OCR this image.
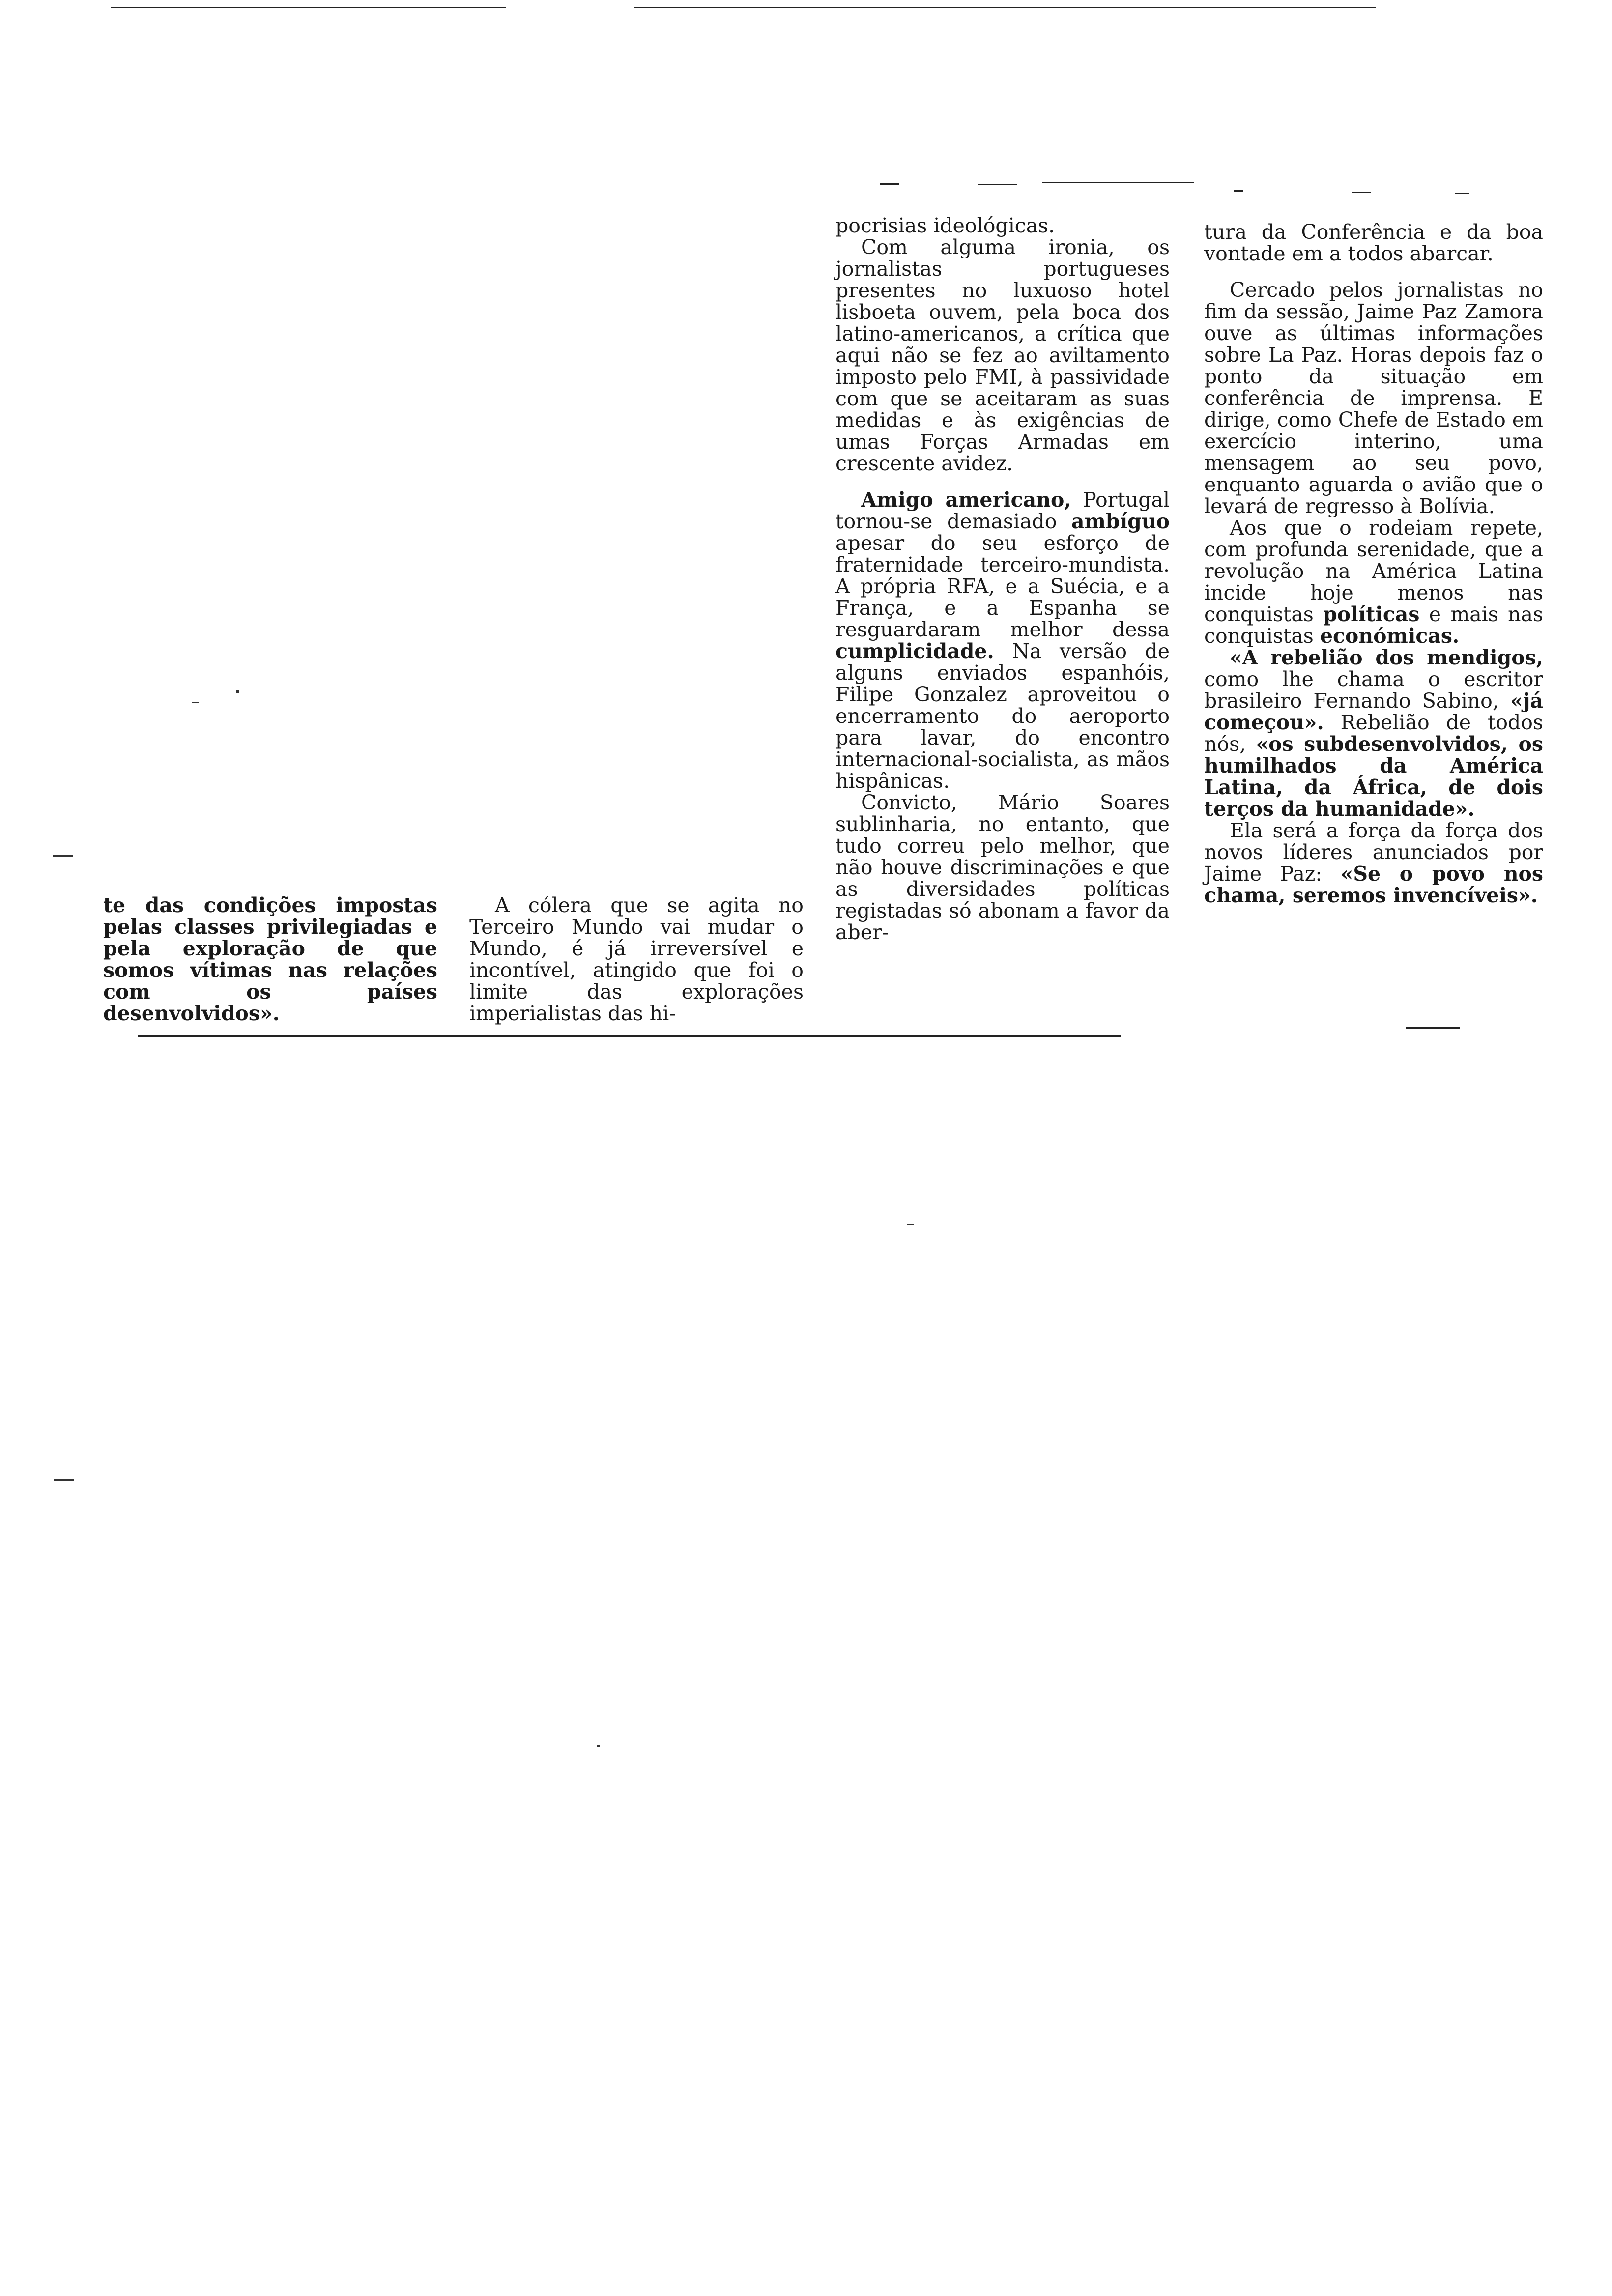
pocrisias ideológicas.

Com alguma ironia, os jornalistas portugueses presentes no luxuoso hotel lisboeta ouvem, pela boca dos latino-americanos, a crítica que aqui não se fez ao aviltamento imposto pelo FMI, à passividade com que se aceitaram as suas medidas e às exigências de umas Forças Armadas em crescente avidez.

Amigo americano, Portugal tornou-se demasiado ambíguo apesar do seu esforço de fraternidade terceiro-mundista. A própria RFA, e a Suécia, e a França, e a Espanha se resguardaram melhor dessa cumplicidade. Na versão de alguns enviados espanhóis, Filipe Gonzalez aproveitou o encerramento do aeroporto para lavar, do encontro internacional-socialista, as mãos hispânicas.

Convicto, Mário Soares sublinharia, no entanto, que tudo correu pelo melhor, que não houve discriminações e que as diversidades políticas registadas só abonam a favor da aber-

tura da Conferência e da boa vontade em a todos abarcar.

Cercado pelos jornalistas no fim da sessão, Jaime Paz Zamora ouve as últimas informações sobre La Paz. Horas depois faz o ponto da situação em conferência de imprensa. E dirige, como Chefe de Estado em exercício interino, uma mensagem ao seu povo, enquanto aguarda o avião que o levará de regresso à Bolívia.

Aos que o rodeiam repete, com profunda serenidade, que a revolução na América Latina incide hoje menos nas conquistas políticas e mais nas conquistas económicas.

«A rebelião dos mendigos, como lhe chama o escritor brasileiro Fernando Sabino, «já começou». Rebelião de todos nós, «os subdesenvolvidos, os humilhados da América Latina, da África, de dois terços da humanidade».

Ela será a força da força dos novos líderes anunciados por Jaime Paz: «Se o povo nos chama, seremos invencíveis».

te das condições impostas pelas classes privilegiadas e pela exploração de que somos vítimas nas relações com os países desenvolvidos».

A cólera que se agita no Terceiro Mundo vai mudar o Mundo, é já irreversível e incontível, atingido que foi o limite das explorações imperialistas das hi-
